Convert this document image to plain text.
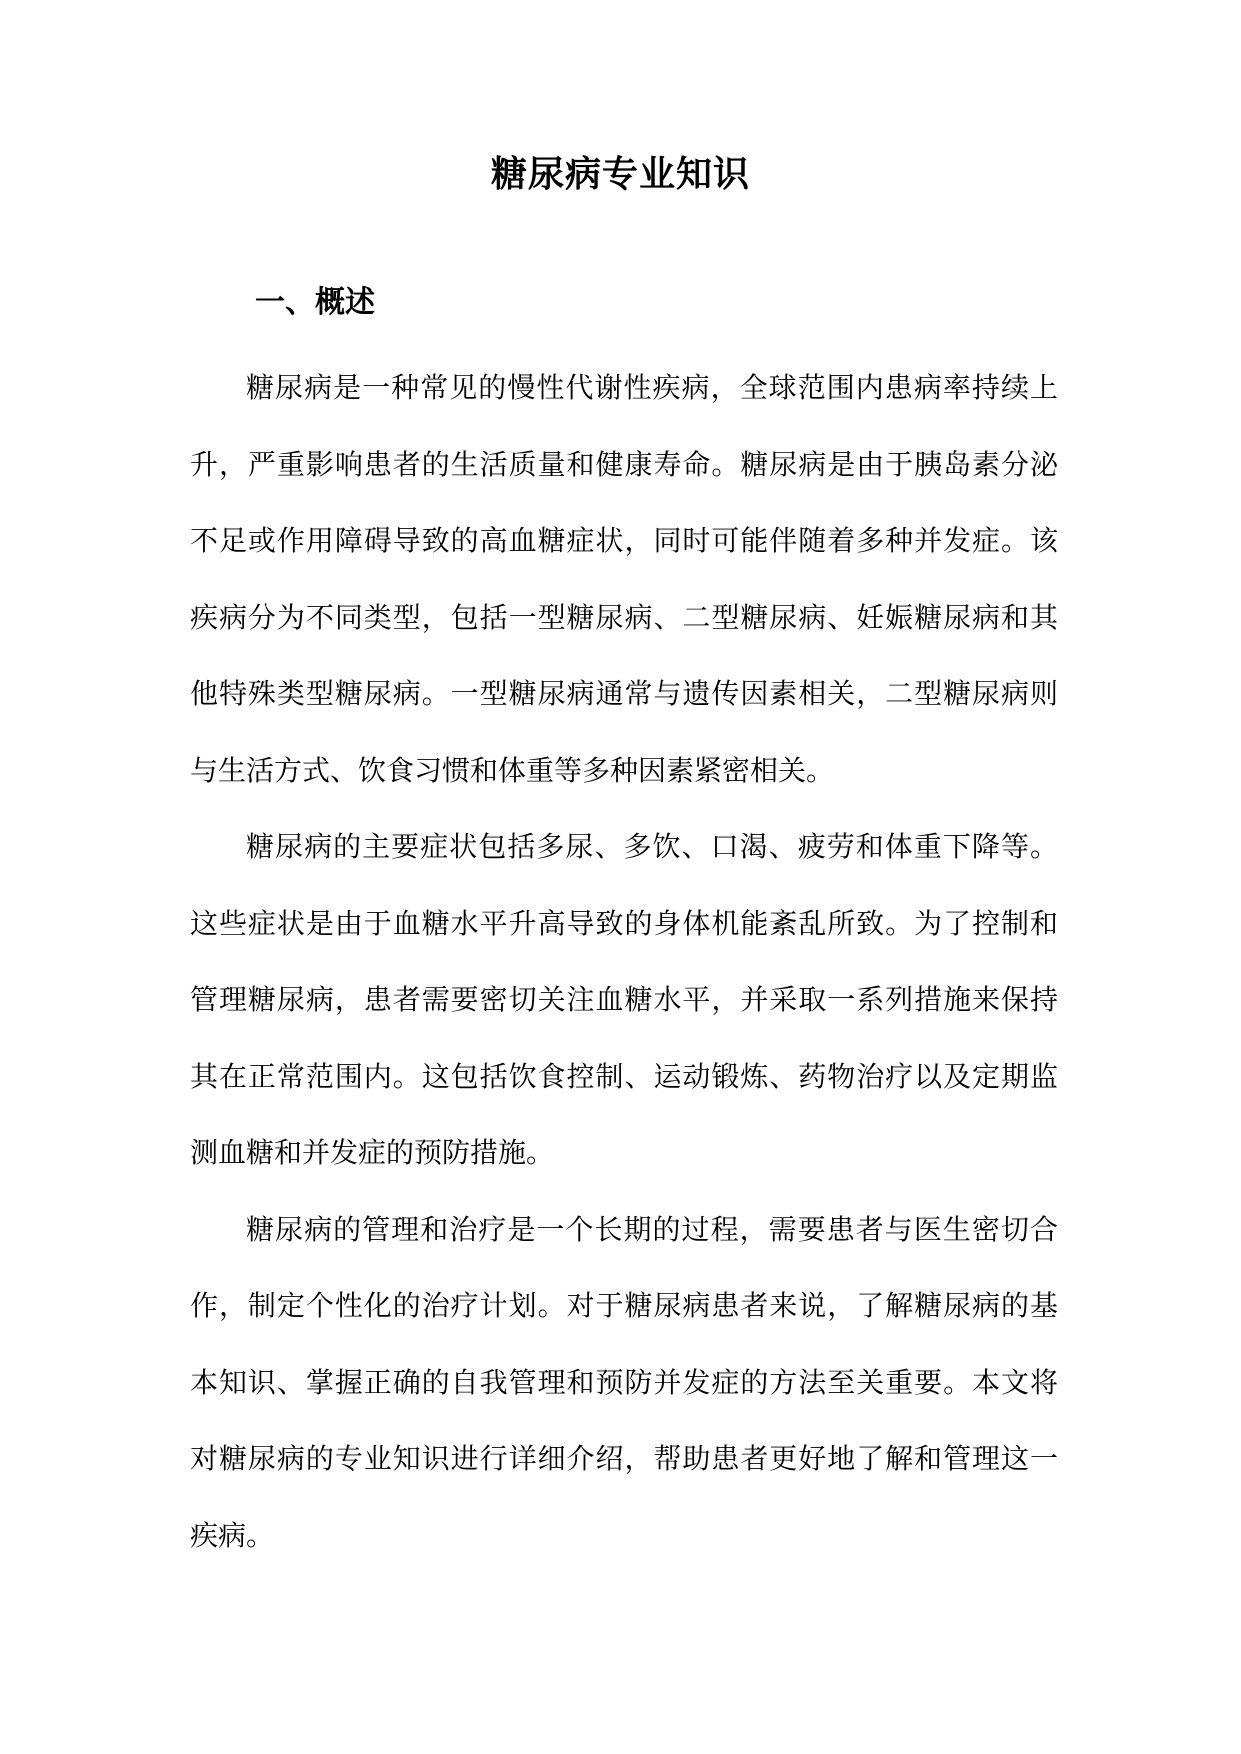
糖尿病专业知识
一、概述
糖尿病是一种常见的慢性代谢性疾病，全球范围内患病率持续上
升，严重影响患者的生活质量和健康寿命。糖尿病是由于胰岛素分泌
不足或作用障碍导致的高血糖症状，同时可能伴随着多种并发症。该
疾病分为不同类型，包括一型糖尿病、二型糖尿病、妊娠糖尿病和其
他特殊类型糖尿病。一型糖尿病通常与遗传因素相关，二型糖尿病则
与生活方式、饮食习惯和体重等多种因素紧密相关。
糖尿病的主要症状包括多尿、多饮、口渴、疲劳和体重下降等。
这些症状是由于血糖水平升高导致的身体机能紊乱所致。为了控制和
管理糖尿病，患者需要密切关注血糖水平，并采取一系列措施来保持
其在正常范围内。这包括饮食控制、运动锻炼、药物治疗以及定期监
测血糖和并发症的预防措施。
糖尿病的管理和治疗是一个长期的过程，需要患者与医生密切合
作，制定个性化的治疗计划。对于糖尿病患者来说，了解糖尿病的基
本知识、掌握正确的自我管理和预防并发症的方法至关重要。本文将
对糖尿病的专业知识进行详细介绍，帮助患者更好地了解和管理这一
疾病。
